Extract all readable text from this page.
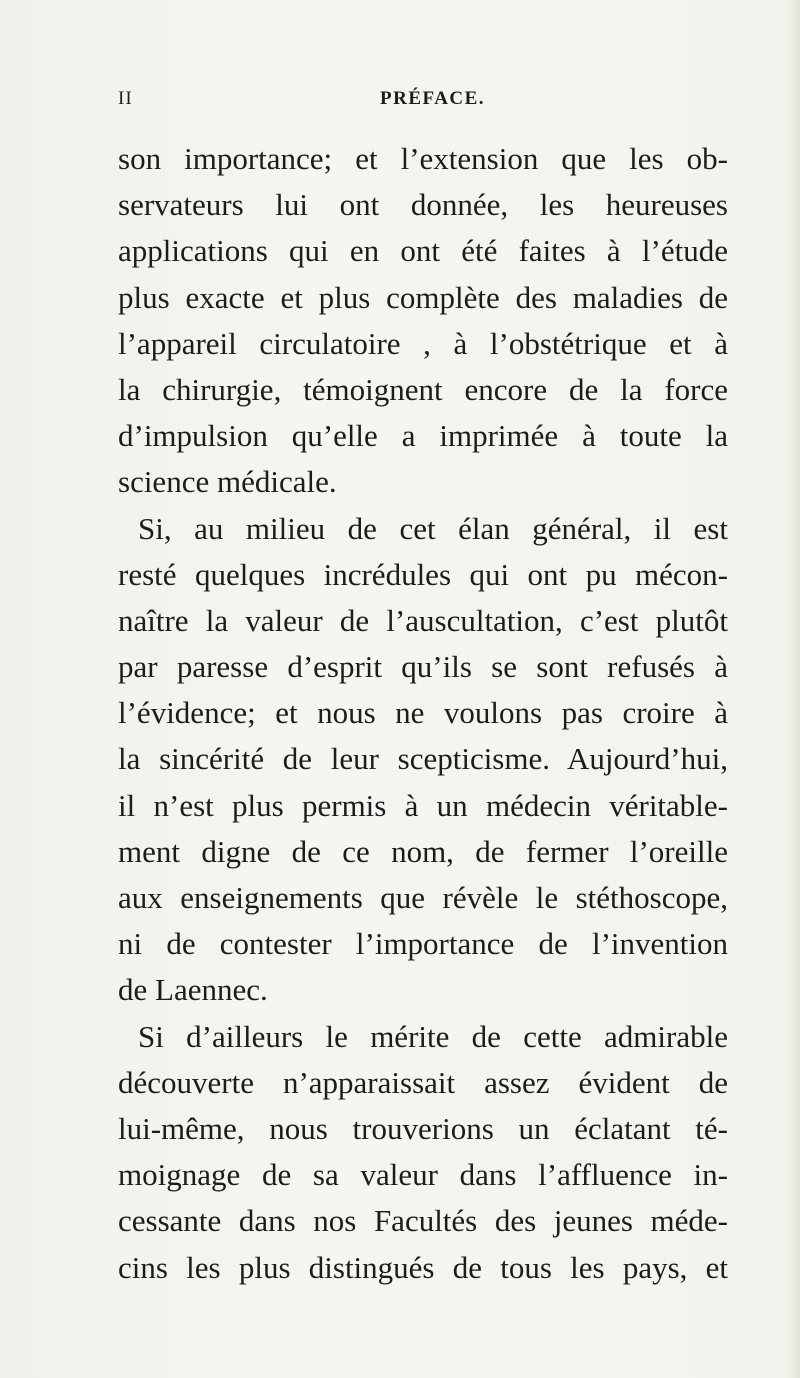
II	PRÉFACE.
son importance; et l’extension que les ob-
servateurs lui ont donnée, les heureuses
applications qui en ont été faites à l’étude
plus exacte et plus complète des maladies de
l’appareil circulatoire , à l’obstétrique et à
la chirurgie, témoignent encore de la force
d’impulsion qu’elle a imprimée à toute la
science médicale.
Si, au milieu de cet élan général, il est
resté quelques incrédules qui ont pu mécon-
naître la valeur de l’auscultation, c’est plutôt
par paresse d’esprit qu’ils se sont refusés à
l’évidence; et nous ne voulons pas croire à
la sincérité de leur scepticisme. Aujourd’hui,
il n’est plus permis à un médecin véritable-
ment digne de ce nom, de fermer l’oreille
aux enseignements que révèle le stéthoscope,
ni de contester l’importance de l’invention
de Laennec.
Si d’ailleurs le mérite de cette admirable
découverte n’apparaissait assez évident de
lui-même, nous trouverions un éclatant té-
moignage de sa valeur dans l’affluence in-
cessante dans nos Facultés des jeunes méde-
cins les plus distingués de tous les pays, et
